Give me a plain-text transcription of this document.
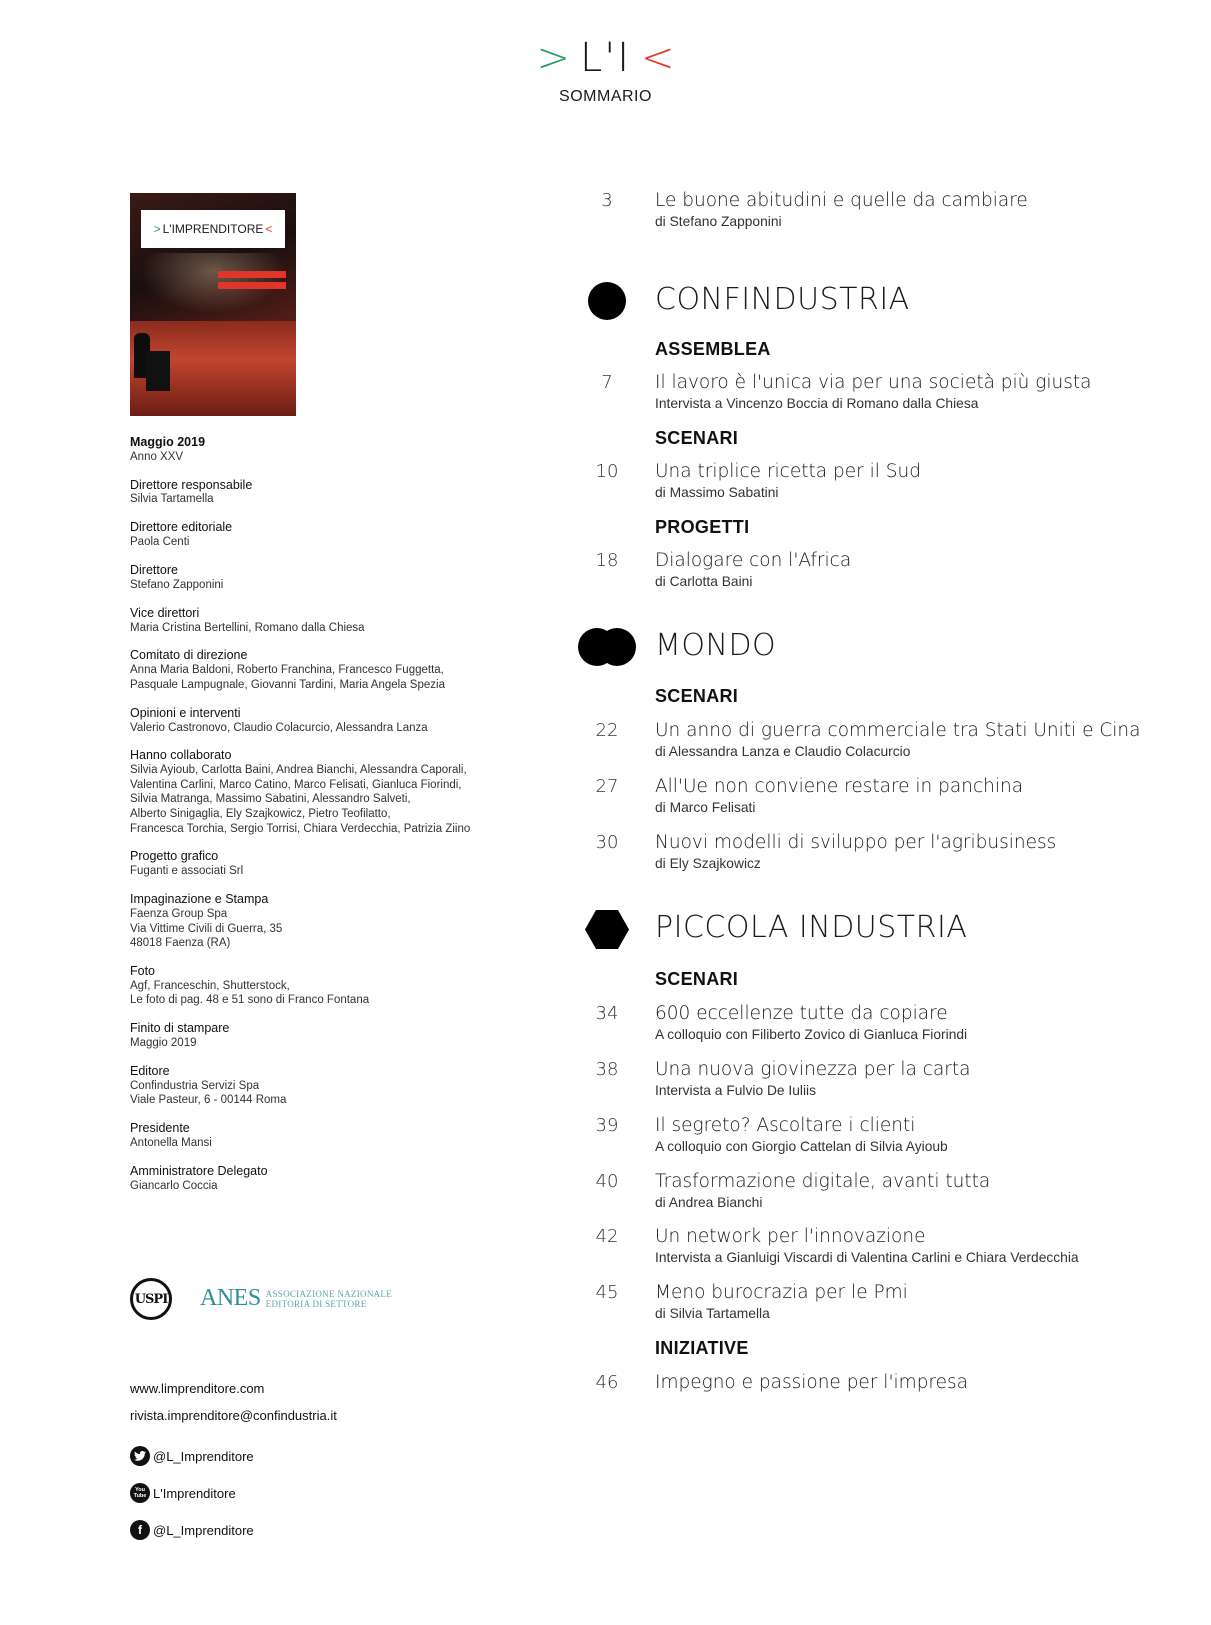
> L'I <
SOMMARIO
> L'IMPRENDITORE <
Maggio 2019
Anno XXV
Direttore responsabile
Silvia Tartamella
Direttore editoriale
Paola Centi
Direttore
Stefano Zapponini
Vice direttori
Maria Cristina Bertellini, Romano dalla Chiesa
Comitato di direzione
Anna Maria Baldoni, Roberto Franchina, Francesco Fuggetta,
Pasquale Lampugnale, Giovanni Tardini, Maria Angela Spezia
Opinioni e interventi
Valerio Castronovo, Claudio Colacurcio, Alessandra Lanza
Hanno collaborato
Silvia Ayioub, Carlotta Baini, Andrea Bianchi, Alessandra Caporali,
Valentina Carlini, Marco Catino, Marco Felisati, Gianluca Fiorindi,
Silvia Matranga, Massimo Sabatini, Alessandro Salveti,
Alberto Sinigaglia, Ely Szajkowicz, Pietro Teofilatto,
Francesca Torchia, Sergio Torrisi, Chiara Verdecchia, Patrizia Ziino
Progetto grafico
Fuganti e associati Srl
Impaginazione e Stampa
Faenza Group Spa
Via Vittime Civili di Guerra, 35
48018 Faenza (RA)
Foto
Agf, Franceschin, Shutterstock,
Le foto di pag. 48 e 51 sono di Franco Fontana
Finito di stampare
Maggio 2019
Editore
Confindustria Servizi Spa
Viale Pasteur, 6 - 00144 Roma
Presidente
Antonella Mansi
Amministratore Delegato
Giancarlo Coccia
USPI ANES ASSOCIAZIONE NAZIONALE
EDITORIA DI SETTORE
www.limprenditore.com
rivista.imprenditore@confindustria.it
@L_Imprenditore
You Tube L'Imprenditore
f @L_Imprenditore
3	Le buone abitudini e quelle da cambiare
di Stefano Zapponini
CONFINDUSTRIA
ASSEMBLEA
7	Il lavoro è l'unica via per una società più giusta
Intervista a Vincenzo Boccia di Romano dalla Chiesa
SCENARI
10	Una triplice ricetta per il Sud
di Massimo Sabatini
PROGETTI
18	Dialogare con l'Africa
di Carlotta Baini
MONDO
SCENARI
22	Un anno di guerra commerciale tra Stati Uniti e Cina
di Alessandra Lanza e Claudio Colacurcio
27	All'Ue non conviene restare in panchina
di Marco Felisati
30	Nuovi modelli di sviluppo per l'agribusiness
di Ely Szajkowicz
PICCOLA INDUSTRIA
SCENARI
34	600 eccellenze tutte da copiare
A colloquio con Filiberto Zovico di Gianluca Fiorindi
38	Una nuova giovinezza per la carta
Intervista a Fulvio De Iuliis
39	Il segreto? Ascoltare i clienti
A colloquio con Giorgio Cattelan di Silvia Ayioub
40	Trasformazione digitale, avanti tutta
di Andrea Bianchi
42	Un network per l'innovazione
Intervista a Gianluigi Viscardi di Valentina Carlini e Chiara Verdecchia
45	Meno burocrazia per le Pmi
di Silvia Tartamella
INIZIATIVE
46	Impegno e passione per l'impresa
